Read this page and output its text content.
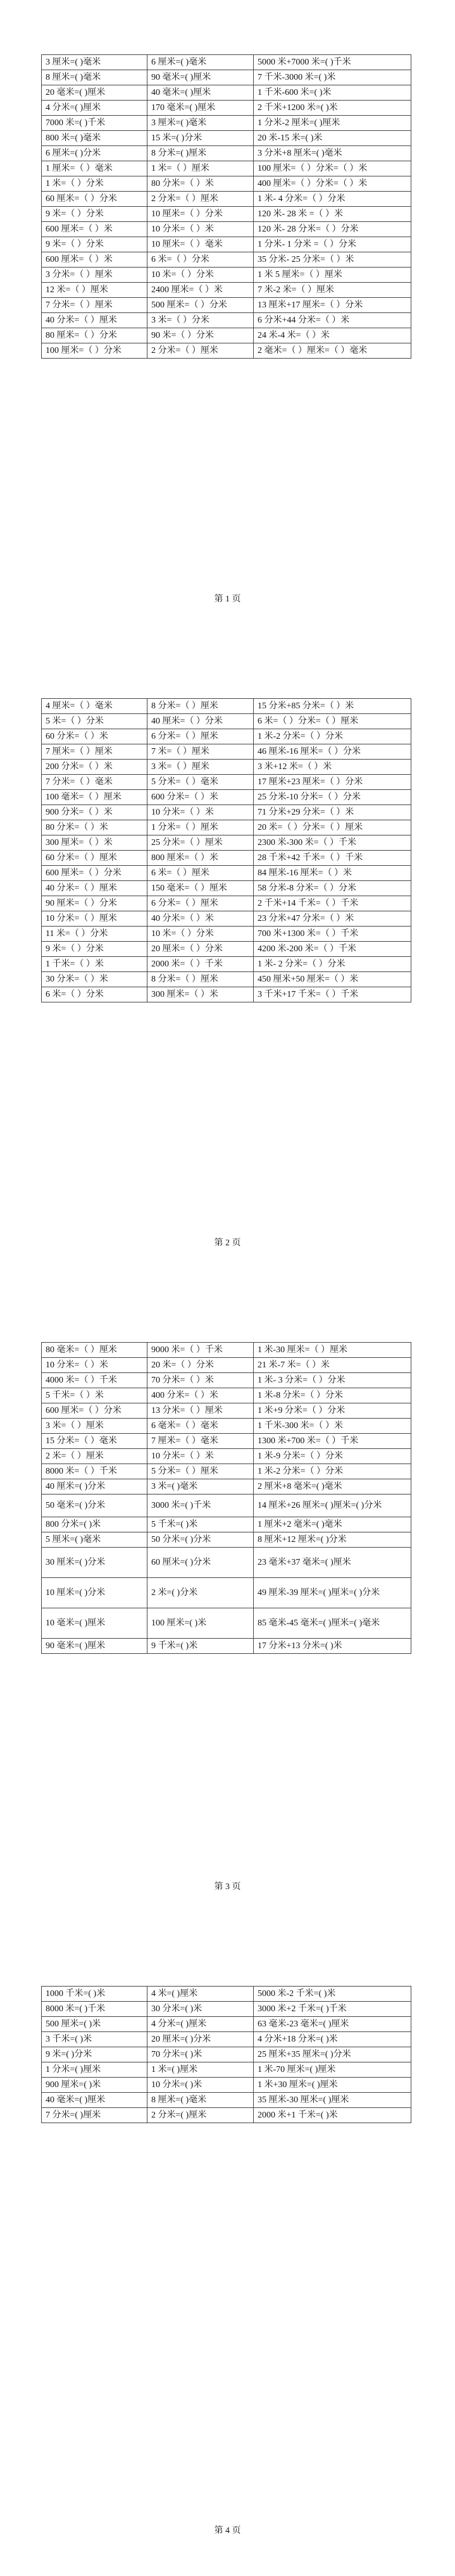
3 厘米=( )毫米	6 厘米=( )毫米	5000 米+7000 米=( )千米
8 厘米=( )毫米	90 毫米=( )厘米	7 千米-3000 米=( )米
20 毫米=( )厘米	40 毫米=( )厘米	1 千米-600 米=( )米
4 分米=( )厘米	170 毫米=( )厘米	2 千米+1200 米=( )米
7000 米=( )千米	3 厘米=( )毫米	1 分米-2 厘米=( )厘米
800 米=( )毫米	15 米=( )分米	20 米-15 米=( )米
6 厘米=( )分米	8 分米=( )厘米	3 分米+8 厘米=( )毫米
1 厘米=（ ）毫米	1 米=（ ）厘米	100 厘米=（ ）分米=（ ）米
1 米=（ ）分米	80 分米=（ ）米	400 厘米=（ ）分米=（ ）米
60 厘米=（ ）分米	2 分米=（ ）厘米	1 米- 4 分米=（ ）分米
9 米=（ ）分米	10 厘米=（ ）分米	120 米- 28 米 =（ ）米
600 厘米=（ ）米	10 分米=（ ）米	120 米- 28 分米=（ ）分米
9 米=（ ）分米	10 厘米=（ ）毫米	1 分米- 1 分米 =（ ）分米
600 厘米=（ ）米	6 米=（ ）分米	35 分米- 25 分米=（ ）米
3 分米=（ ）厘米	10 米=（ ）分米	1 米 5 厘米=（ ）厘米
12 米=（ ）厘米	2400 厘米=（ ）米	7 米-2 米=（ ）厘米
7 分米=（ ）厘米	500 厘米=（ ）分米	13 厘米+17 厘米=（ ）分米
40 分米=（ ）厘米	3 米=（ ）分米	6 分米+44 分米=（ ）米
80 厘米=（ ）分米	90 米=（ ）分米	24 米-4 米=（ ）米
100 厘米=（ ）分米	2 分米=（ ）厘米	2 毫米=（ ）厘米=（ ）毫米
第 1 页
4 厘米=（ ）毫米	8 分米=（ ）厘米	15 分米+85 分米=（ ）米
5 米=（ ）分米	40 厘米=（ ）分米	6 米=（ ）分米=（ ）厘米
60 分米=（ ）米	6 分米=（ ）厘米	1 米-2 分米=（ ）分米
7 厘米=（ ）厘米	7 米=（ ）厘米	46 厘米-16 厘米=（ ）分米
200 分米=（ ）米	3 米=（ ）厘米	3 米+12 米=（ ）米
7 分米=（ ）毫米	5 分米=（ ）毫米	17 厘米+23 厘米=（ ）分米
100 毫米=（ ）厘米	600 分米=（ ）米	25 分米-10 分米=（ ）分米
900 分米=（ ）米	10 分米=（ ）米	71 分米+29 分米=（ ）米
80 分米=（ ）米	1 分米=（ ）厘米	20 米=（ ）分米=（ ）厘米
300 厘米=（ ）米	25 分米=（ ）厘米	2300 米-300 米=（ ）千米
60 分米=（ ）厘米	800 厘米=（ ）米	28 千米+42 千米=（ ）千米
600 厘米=（ ）分米	6 米=（ ）厘米	84 厘米-16 厘米=（ ）米
40 分米=（ ）厘米	150 毫米=（ ）厘米	58 分米-8 分米=（ ）分米
90 厘米=（ ）分米	6 分米=（ ）厘米	2 千米+14 千米=（ ）千米
10 分米=（ ）厘米	40 分米=（ ）米	23 分米+47 分米=（ ）米
11 米=（ ）分米	10 米=（ ）分米	700 米+1300 米=（ ）千米
9 米=（ ）分米	20 厘米=（ ）分米	4200 米-200 米=（ ）千米
1 千米=（ ）米	2000 米=（ ）千米	1 米- 2 分米=（ ）分米
30 分米=（ ）米	8 分米=（ ）厘米	450 厘米+50 厘米=（ ）米
6 米=（ ）分米	300 厘米=（ ）米	3 千米+17 千米=（ ）千米
第 2 页
80 毫米=（ ）厘米	9000 米=（ ）千米	1 米-30 厘米=（ ）厘米
10 分米=（ ）米	20 米=（ ）分米	21 米-7 米=（ ）米
4000 米=（ ）千米	70 分米=（ ）米	1 米- 3 分米=（ ）分米
5 千米=（ ）米	400 分米=（ ）米	1 米-8 分米=（ ）分米
600 厘米=（ ）分米	13 分米=（ ）厘米	1 米+9 分米=（ ）分米
3 米=（ ）厘米	6 毫米=（ ）毫米	1 千米-300 米=（ ）米
15 分米=（ ）毫米	7 厘米=（ ）毫米	1300 米+700 米=（ ）千米
2 米=（ ）厘米	10 分米=（ ）米	1 米-9 分米=（ ）分米
8000 米=（ ）千米	5 分米=（ ）厘米	1 米-2 分米=（ ）分米
40 厘米=( )分米	3 米=( )毫米	2 厘米+8 毫米=( )毫米
50 毫米=( )分米	3000 米=( )千米	14 厘米+26 厘米=( )厘米=( )分米
800 分米=( )米	5 千米=( )米	1 厘米+2 毫米=( )毫米
5 厘米=( )毫米	50 分米=( )分米	8 厘米+12 厘米=( )分米
30 厘米=( )分米	60 厘米=( )分米	23 毫米+37 毫米=( )厘米
10 厘米=( )分米	2 米=( )分米	49 厘米-39 厘米=( )厘米=( )分米
10 毫米=( )厘米	100 厘米=( )米	85 毫米-45 毫米=( )厘米=( )毫米
90 毫米=( )厘米	9 千米=( )米	17 分米+13 分米=( )米
第 3 页
1000 千米=( )米	4 米=( )厘米	5000 米-2 千米=( )米
8000 米=( )千米	30 分米=( )米	3000 米+2 千米=( )千米
500 厘米=( )米	4 分米=( )厘米	63 毫米-23 毫米=( )厘米
3 千米=( )米	20 厘米=( )分米	4 分米+18 分米=( )米
9 米=( )分米	70 分米=( )米	25 厘米+35 厘米=( )分米
1 分米=( )厘米	1 米=( )厘米	1 米-70 厘米=( )厘米
900 厘米=( )米	10 分米=( )米	1 米+30 厘米=( )厘米
40 毫米=( )厘米	8 厘米=( )毫米	35 厘米-30 厘米=( )厘米
7 分米=( )厘米	2 分米=( )厘米	2000 米+1 千米=( )米
第 4 页
